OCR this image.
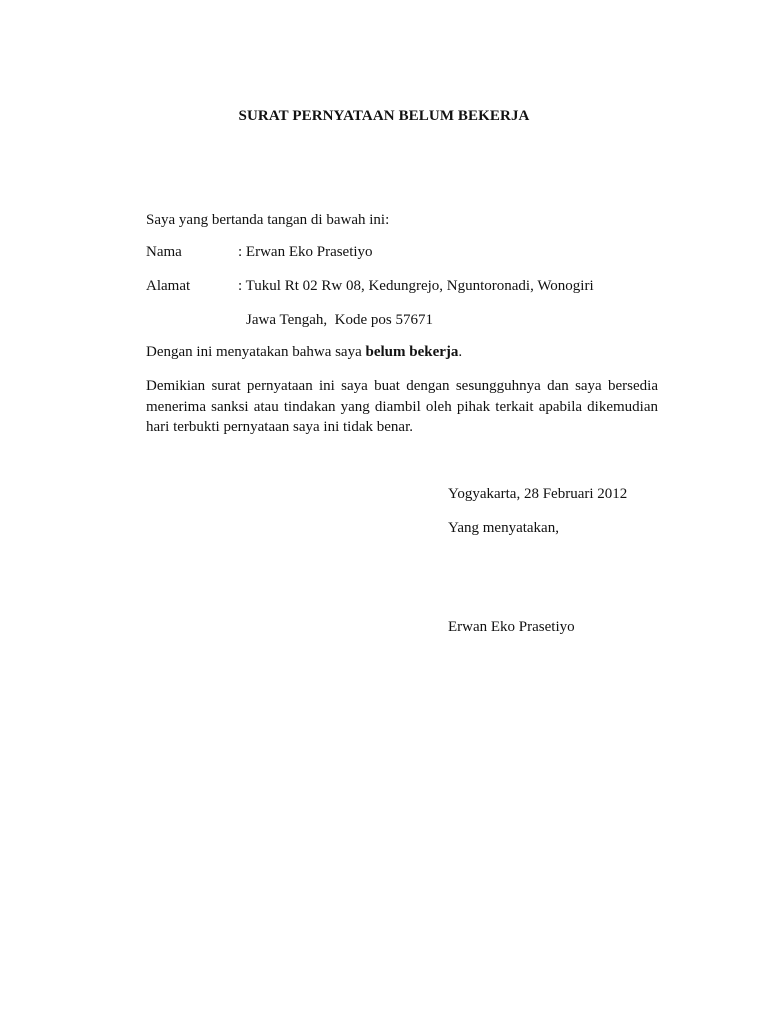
SURAT PERNYATAAN BELUM BEKERJA
Saya yang bertanda tangan di bawah ini:
Nama	: Erwan Eko Prasetiyo
Alamat	: Tukul Rt 02 Rw 08, Kedungrejo, Nguntoronadi, Wonogiri
Jawa Tengah,  Kode pos 57671
Dengan ini menyatakan bahwa saya belum bekerja.
Demikian surat pernyataan ini saya buat dengan sesungguhnya dan saya bersedia menerima sanksi atau tindakan yang diambil oleh pihak terkait apabila dikemudian hari terbukti pernyataan saya ini tidak benar.
Yogyakarta, 28 Februari 2012
Yang menyatakan,
Erwan Eko Prasetiyo
